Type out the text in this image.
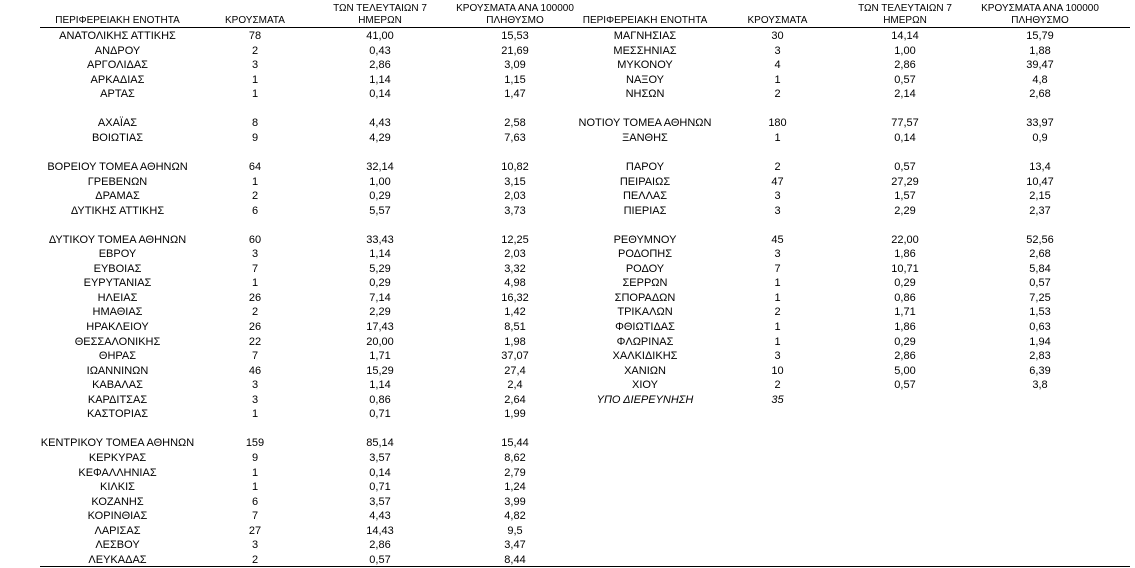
ΠΕΡΙΦΕΡΕΙΑΚΗ ΕΝΟΤΗΤΑ	ΚΡΟΥΣΜΑΤΑ
ΤΩΝ ΤΕΛΕΥΤΑΙΩΝ 7
ΗΜΕΡΩΝ
ΚΡΟΥΣΜΑΤΑ ΑΝΑ 100000
ΠΛΗΘΥΣΜΟ	ΠΕΡΙΦΕΡΕΙΑΚΗ ΕΝΟΤΗΤΑ	ΚΡΟΥΣΜΑΤΑ
ΤΩΝ ΤΕΛΕΥΤΑΙΩΝ 7
ΗΜΕΡΩΝ
ΚΡΟΥΣΜΑΤΑ ΑΝΑ 100000
ΠΛΗΘΥΣΜΟ
ΑΝΑΤΟΛΙΚΗΣ ΑΤΤΙΚΗΣ	78	41,00	15,53
ΑΝΔΡΟΥ	2	0,43	21,69
ΑΡΓΟΛΙΔΑΣ	3	2,86	3,09
ΑΡΚΑΔΙΑΣ	1	1,14	1,15
ΑΡΤΑΣ	1	0,14	1,47
ΑΧΑΪΑΣ	8	4,43	2,58
ΒΟΙΩΤΙΑΣ	9	4,29	7,63
ΒΟΡΕΙΟΥ ΤΟΜΕΑ ΑΘΗΝΩΝ	64	32,14	10,82
ΓΡΕΒΕΝΩΝ	1	1,00	3,15
ΔΡΑΜΑΣ	2	0,29	2,03
ΔΥΤΙΚΗΣ ΑΤΤΙΚΗΣ	6	5,57	3,73
ΔΥΤΙΚΟΥ ΤΟΜΕΑ ΑΘΗΝΩΝ	60	33,43	12,25
ΕΒΡΟΥ	3	1,14	2,03
ΕΥΒΟΙΑΣ	7	5,29	3,32
ΕΥΡΥΤΑΝΙΑΣ	1	0,29	4,98
ΗΛΕΙΑΣ	26	7,14	16,32
ΗΜΑΘΙΑΣ	2	2,29	1,42
ΗΡΑΚΛΕΙΟΥ	26	17,43	8,51
ΘΕΣΣΑΛΟΝΙΚΗΣ	22	20,00	1,98
ΘΗΡΑΣ	7	1,71	37,07
ΙΩΑΝΝΙΝΩΝ	46	15,29	27,4
ΚΑΒΑΛΑΣ	3	1,14	2,4
ΚΑΡΔΙΤΣΑΣ	3	0,86	2,64
ΚΑΣΤΟΡΙΑΣ	1	0,71	1,99
ΚΕΝΤΡΙΚΟΥ ΤΟΜΕΑ ΑΘΗΝΩΝ	159	85,14	15,44
ΚΕΡΚΥΡΑΣ	9	3,57	8,62
ΚΕΦΑΛΛΗΝΙΑΣ	1	0,14	2,79
ΚΙΛΚΙΣ	1	0,71	1,24
ΚΟΖΑΝΗΣ	6	3,57	3,99
ΚΟΡΙΝΘΙΑΣ	7	4,43	4,82
ΛΑΡΙΣΑΣ	27	14,43	9,5
ΛΕΣΒΟΥ	3	2,86	3,47
ΛΕΥΚΑΔΑΣ	2	0,57	8,44
ΜΑΓΝΗΣΙΑΣ	30	14,14	15,79
ΜΕΣΣΗΝΙΑΣ	3	1,00	1,88
ΜΥΚΟΝΟΥ	4	2,86	39,47
ΝΑΞΟΥ	1	0,57	4,8
ΝΗΣΩΝ	2	2,14	2,68
ΝΟΤΙΟΥ ΤΟΜΕΑ ΑΘΗΝΩΝ	180	77,57	33,97
ΞΑΝΘΗΣ	1	0,14	0,9
ΠΑΡΟΥ	2	0,57	13,4
ΠΕΙΡΑΙΩΣ	47	27,29	10,47
ΠΕΛΛΑΣ	3	1,57	2,15
ΠΙΕΡΙΑΣ	3	2,29	2,37
ΡΕΘΥΜΝΟΥ	45	22,00	52,56
ΡΟΔΟΠΗΣ	3	1,86	2,68
ΡΟΔΟΥ	7	10,71	5,84
ΣΕΡΡΩΝ	1	0,29	0,57
ΣΠΟΡΑΔΩΝ	1	0,86	7,25
ΤΡΙΚΑΛΩΝ	2	1,71	1,53
ΦΘΙΩΤΙΔΑΣ	1	1,86	0,63
ΦΛΩΡΙΝΑΣ	1	0,29	1,94
ΧΑΛΚΙΔΙΚΗΣ	3	2,86	2,83
ΧΑΝΙΩΝ	10	5,00	6,39
ΧΙΟΥ	2	0,57	3,8
ΥΠΟ ΔΙΕΡΕΥΝΗΣΗ	35
